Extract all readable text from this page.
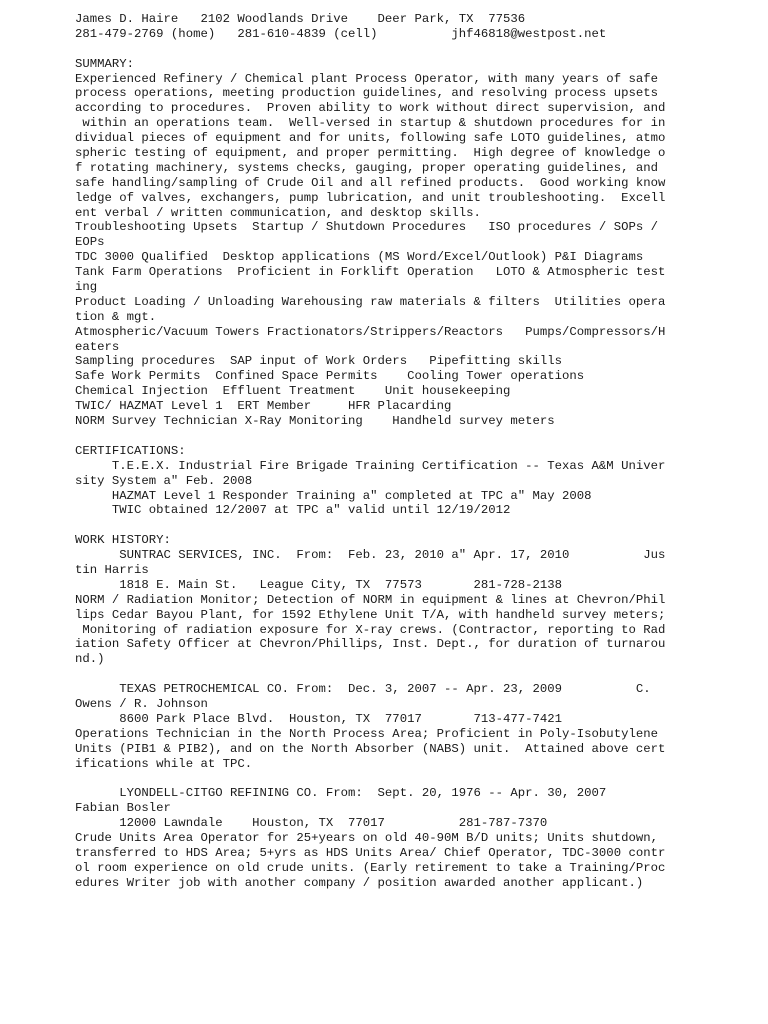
James D. Haire   2102 Woodlands Drive    Deer Park, TX  77536
281-479-2769 (home)   281-610-4839 (cell)          jhf46818@westpost.net
SUMMARY:
Experienced Refinery / Chemical plant Process Operator, with many years of safe
process operations, meeting production guidelines, and resolving process upsets
according to procedures.  Proven ability to work without direct supervision, and
within an operations team.  Well-versed in startup & shutdown procedures for in
dividual pieces of equipment and for units, following safe LOTO guidelines, atmo
spheric testing of equipment, and proper permitting.  High degree of knowledge o
f rotating machinery, systems checks, gauging, proper operating guidelines, and
safe handling/sampling of Crude Oil and all refined products.  Good working know
ledge of valves, exchangers, pump lubrication, and unit troubleshooting.  Excell
ent verbal / written communication, and desktop skills.
Troubleshooting Upsets  Startup / Shutdown Procedures   ISO procedures / SOPs /
EOPs
TDC 3000 Qualified  Desktop applications (MS Word/Excel/Outlook) P&I Diagrams
Tank Farm Operations  Proficient in Forklift Operation   LOTO & Atmospheric test
ing
Product Loading / Unloading Warehousing raw materials & filters  Utilities opera
tion & mgt.
Atmospheric/Vacuum Towers Fractionators/Strippers/Reactors   Pumps/Compressors/H
eaters
Sampling procedures  SAP input of Work Orders   Pipefitting skills
Safe Work Permits  Confined Space Permits    Cooling Tower operations
Chemical Injection  Effluent Treatment    Unit housekeeping
TWIC/ HAZMAT Level 1  ERT Member     HFR Placarding
NORM Survey Technician X-Ray Monitoring    Handheld survey meters
CERTIFICATIONS:
T.E.E.X. Industrial Fire Brigade Training Certification -- Texas A&M Univer
sity System a" Feb. 2008
HAZMAT Level 1 Responder Training a" completed at TPC a" May 2008
TWIC obtained 12/2007 at TPC a" valid until 12/19/2012
WORK HISTORY:
SUNTRAC SERVICES, INC.  From:  Feb. 23, 2010 a" Apr. 17, 2010          Jus
tin Harris
1818 E. Main St.   League City, TX  77573       281-728-2138
NORM / Radiation Monitor; Detection of NORM in equipment & lines at Chevron/Phil
lips Cedar Bayou Plant, for 1592 Ethylene Unit T/A, with handheld survey meters;
Monitoring of radiation exposure for X-ray crews. (Contractor, reporting to Rad
iation Safety Officer at Chevron/Phillips, Inst. Dept., for duration of turnarou
nd.)
TEXAS PETROCHEMICAL CO. From:  Dec. 3, 2007 -- Apr. 23, 2009          C.
Owens / R. Johnson
8600 Park Place Blvd.  Houston, TX  77017       713-477-7421
Operations Technician in the North Process Area; Proficient in Poly-Isobutylene
Units (PIB1 & PIB2), and on the North Absorber (NABS) unit.  Attained above cert
ifications while at TPC.
LYONDELL-CITGO REFINING CO. From:  Sept. 20, 1976 -- Apr. 30, 2007
Fabian Bosler
12000 Lawndale    Houston, TX  77017          281-787-7370
Crude Units Area Operator for 25+years on old 40-90M B/D units; Units shutdown,
transferred to HDS Area; 5+yrs as HDS Units Area/ Chief Operator, TDC-3000 contr
ol room experience on old crude units. (Early retirement to take a Training/Proc
edures Writer job with another company / position awarded another applicant.)
